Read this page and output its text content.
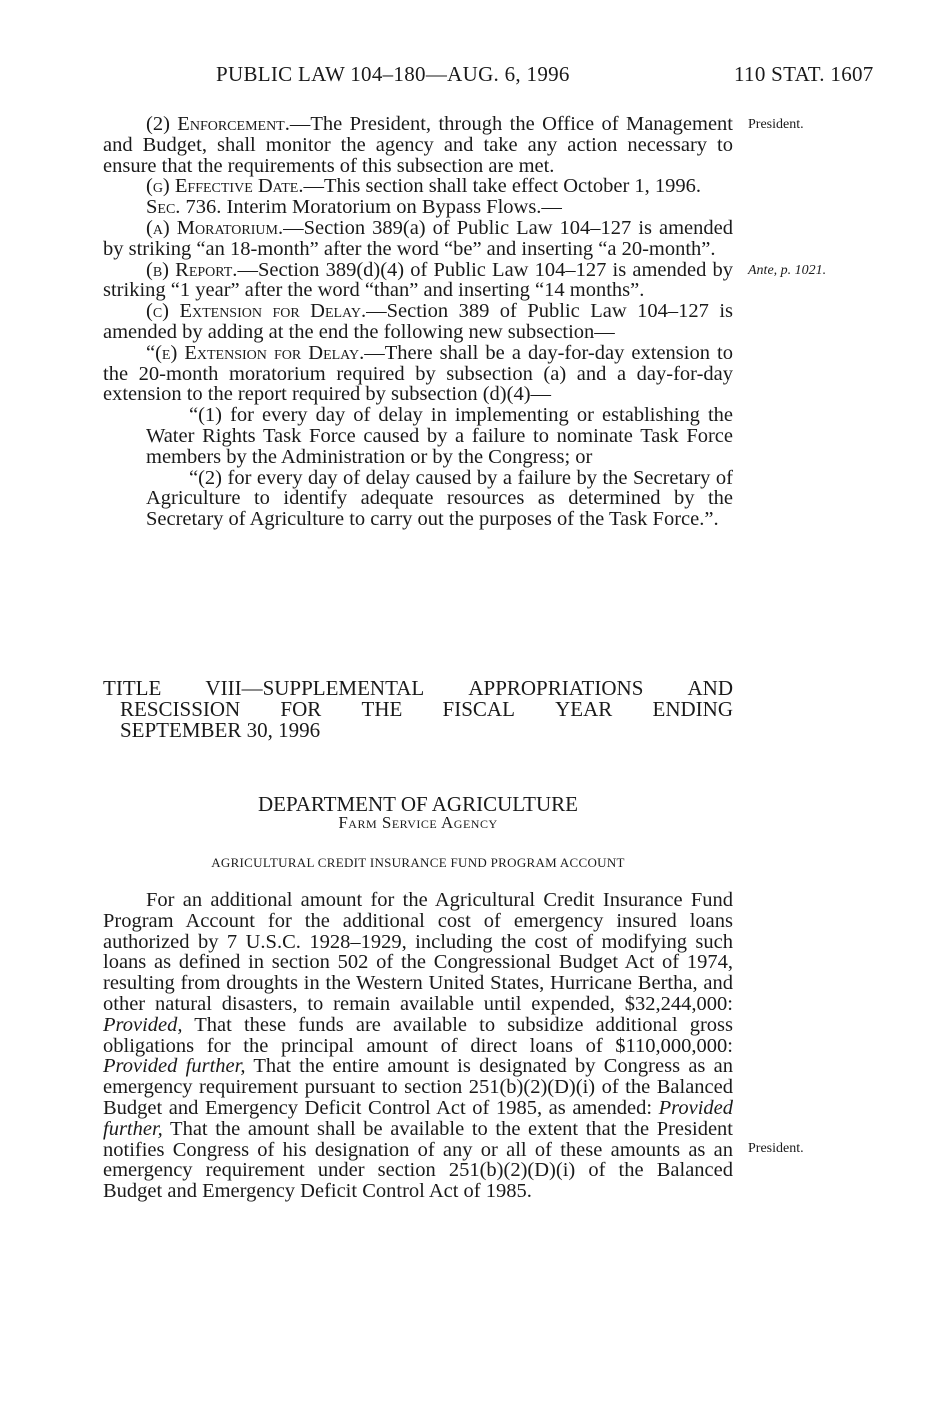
PUBLIC LAW 104–180—AUG. 6, 1996	110 STAT. 1607
President.
Ante, p. 1021.
President.

(2) Enforcement.—The President, through the Office of Management and Budget, shall monitor the agency and take any action necessary to ensure that the requirements of this subsection are met.

(g) Effective Date.—This section shall take effect October 1, 1996.

Sec. 736. Interim Moratorium on Bypass Flows.—

(a) Moratorium.—Section 389(a) of Public Law 104–127 is amended by striking “an 18-month” after the word “be” and inserting “a 20-month”.

(b) Report.—Section 389(d)(4) of Public Law 104–127 is amended by striking “1 year” after the word “than” and inserting “14 months”.

(c) Extension for Delay.—Section 389 of Public Law 104–127 is amended by adding at the end the following new subsection—

“(e) Extension for Delay.—There shall be a day-for-day extension to the 20-month moratorium required by subsection (a) and a day-for-day extension to the report required by subsection (d)(4)—

“(1) for every day of delay in implementing or establishing the Water Rights Task Force caused by a failure to nominate Task Force members by the Administration or by the Congress; or

“(2) for every day of delay caused by a failure by the Secretary of Agriculture to identify adequate resources as determined by the Secretary of Agriculture to carry out the purposes of the Task Force.”.

TITLE VIII—SUPPLEMENTAL APPROPRIATIONS AND
RESCISSION FOR THE FISCAL YEAR ENDING
SEPTEMBER 30, 1996
DEPARTMENT OF AGRICULTURE
Farm Service Agency
AGRICULTURAL CREDIT INSURANCE FUND PROGRAM ACCOUNT

For an additional amount for the Agricultural Credit Insurance Fund Program Account for the additional cost of emergency insured loans authorized by 7 U.S.C. 1928–1929, including the cost of modifying such loans as defined in section 502 of the Congressional Budget Act of 1974, resulting from droughts in the Western United States, Hurricane Bertha, and other natural disasters, to remain available until expended, $32,244,000: Provided, That these funds are available to subsidize additional gross obligations for the principal amount of direct loans of $110,000,000: Provided further, That the entire amount is designated by Congress as an emergency requirement pursuant to section 251(b)(2)(D)(i) of the Balanced Budget and Emergency Deficit Control Act of 1985, as amended: Provided further, That the amount shall be available to the extent that the President notifies Congress of his designation of any or all of these amounts as an emergency requirement under section 251(b)(2)(D)(i) of the Balanced Budget and Emergency Deficit Control Act of 1985.
